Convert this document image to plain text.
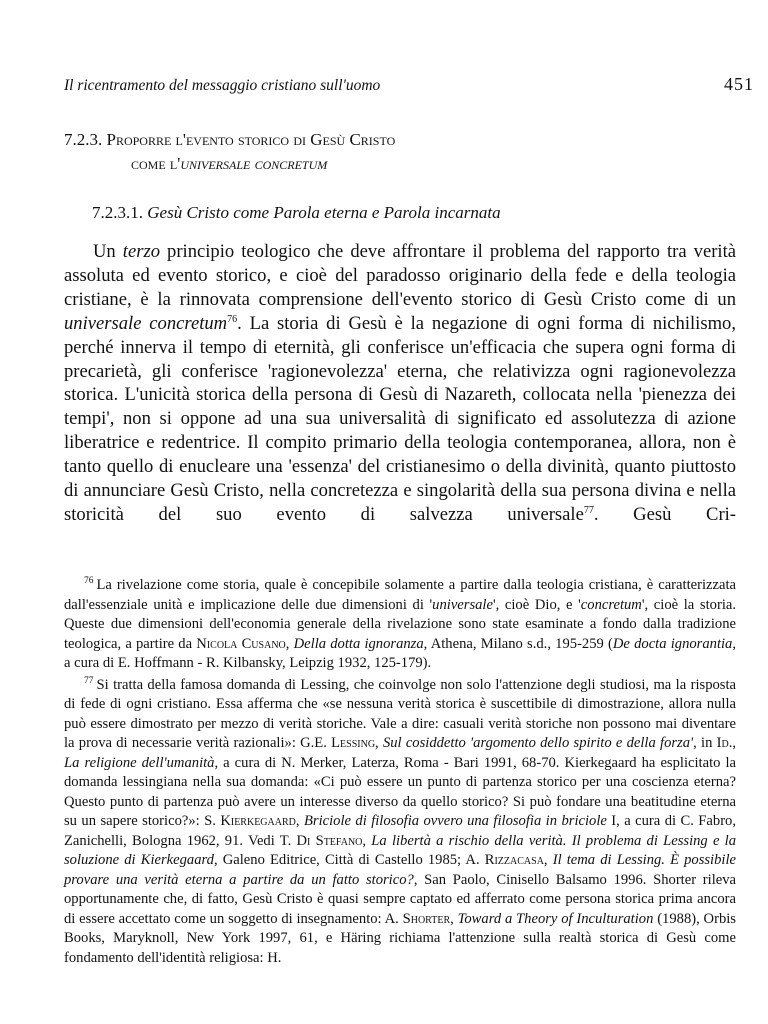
Il ricentramento del messaggio cristiano sull'uomo	451
7.2.3. Proporre l'evento storico di Gesù Cristo
come l'universale concretum
7.2.3.1. Gesù Cristo come Parola eterna e Parola incarnata

Un terzo principio teologico che deve affrontare il problema del rapporto tra verità assoluta ed evento storico, e cioè del paradosso originario della fede e della teologia cristiane, è la rinnovata comprensione dell'evento storico di Gesù Cristo come di un universale concretum$^{76}$. La storia di Gesù è la negazione di ogni forma di nichilismo, perché innerva il tempo di eternità, gli conferisce un'efficacia che supera ogni forma di precarietà, gli conferisce 'ragionevolezza' eterna, che relativizza ogni ragionevolezza storica. L'unicità storica della persona di Gesù di Nazareth, collocata nella 'pienezza dei tempi', non si oppone ad una sua universalità di significato ed assolutezza di azione liberatrice e redentrice. Il compito primario della teologia contemporanea, allora, non è tanto quello di enucleare una 'essenza' del cristianesimo o della divinità, quanto piuttosto di annunciare Gesù Cristo, nella concretezza e singolarità della sua persona divina e nella storicità del suo evento di salvezza universale$^{77}$. Gesù Cri-

$^{76}$ La rivelazione come storia, quale è concepibile solamente a partire dalla teologia cristiana, è caratterizzata dall'essenziale unità e implicazione delle due dimensioni di 'universale', cioè Dio, e 'concretum', cioè la storia. Queste due dimensioni dell'economia generale della rivelazione sono state esaminate a fondo dalla tradizione teologica, a partire da Nicola Cusano, Della dotta ignoranza, Athena, Milano s.d., 195-259 (De docta ignorantia, a cura di E. Hoffmann - R. Kilbansky, Leipzig 1932, 125-179).

$^{77}$ Si tratta della famosa domanda di Lessing, che coinvolge non solo l'attenzione degli studiosi, ma la risposta di fede di ogni cristiano. Essa afferma che «se nessuna verità storica è suscettibile di dimostrazione, allora nulla può essere dimostrato per mezzo di verità storiche. Vale a dire: casuali verità storiche non possono mai diventare la prova di necessarie verità razionali»: G.E. Lessing, Sul cosiddetto 'argomento dello spirito e della forza', in Id., La religione dell'umanità, a cura di N. Merker, Laterza, Roma - Bari 1991, 68-70. Kierkegaard ha esplicitato la domanda lessingiana nella sua domanda: «Ci può essere un punto di partenza storico per una coscienza eterna? Questo punto di partenza può avere un interesse diverso da quello storico? Si può fondare una beatitudine eterna su un sapere storico?»: S. Kierkegaard, Briciole di filosofia ovvero una filosofia in briciole I, a cura di C. Fabro, Zanichelli, Bologna 1962, 91. Vedi T. Di Stefano, La libertà a rischio della verità. Il problema di Lessing e la soluzione di Kierkegaard, Galeno Editrice, Città di Castello 1985; A. Rizzacasa, Il tema di Lessing. È possibile provare una verità eterna a partire da un fatto storico?, San Paolo, Cinisello Balsamo 1996. Shorter rileva opportunamente che, di fatto, Gesù Cristo è quasi sempre captato ed afferrato come persona storica prima ancora di essere accettato come un soggetto di insegnamento: A. Shorter, Toward a Theory of Inculturation (1988), Orbis Books, Maryknoll, New York 1997, 61, e Häring richiama l'attenzione sulla realtà storica di Gesù come fondamento dell'identità religiosa: H.
